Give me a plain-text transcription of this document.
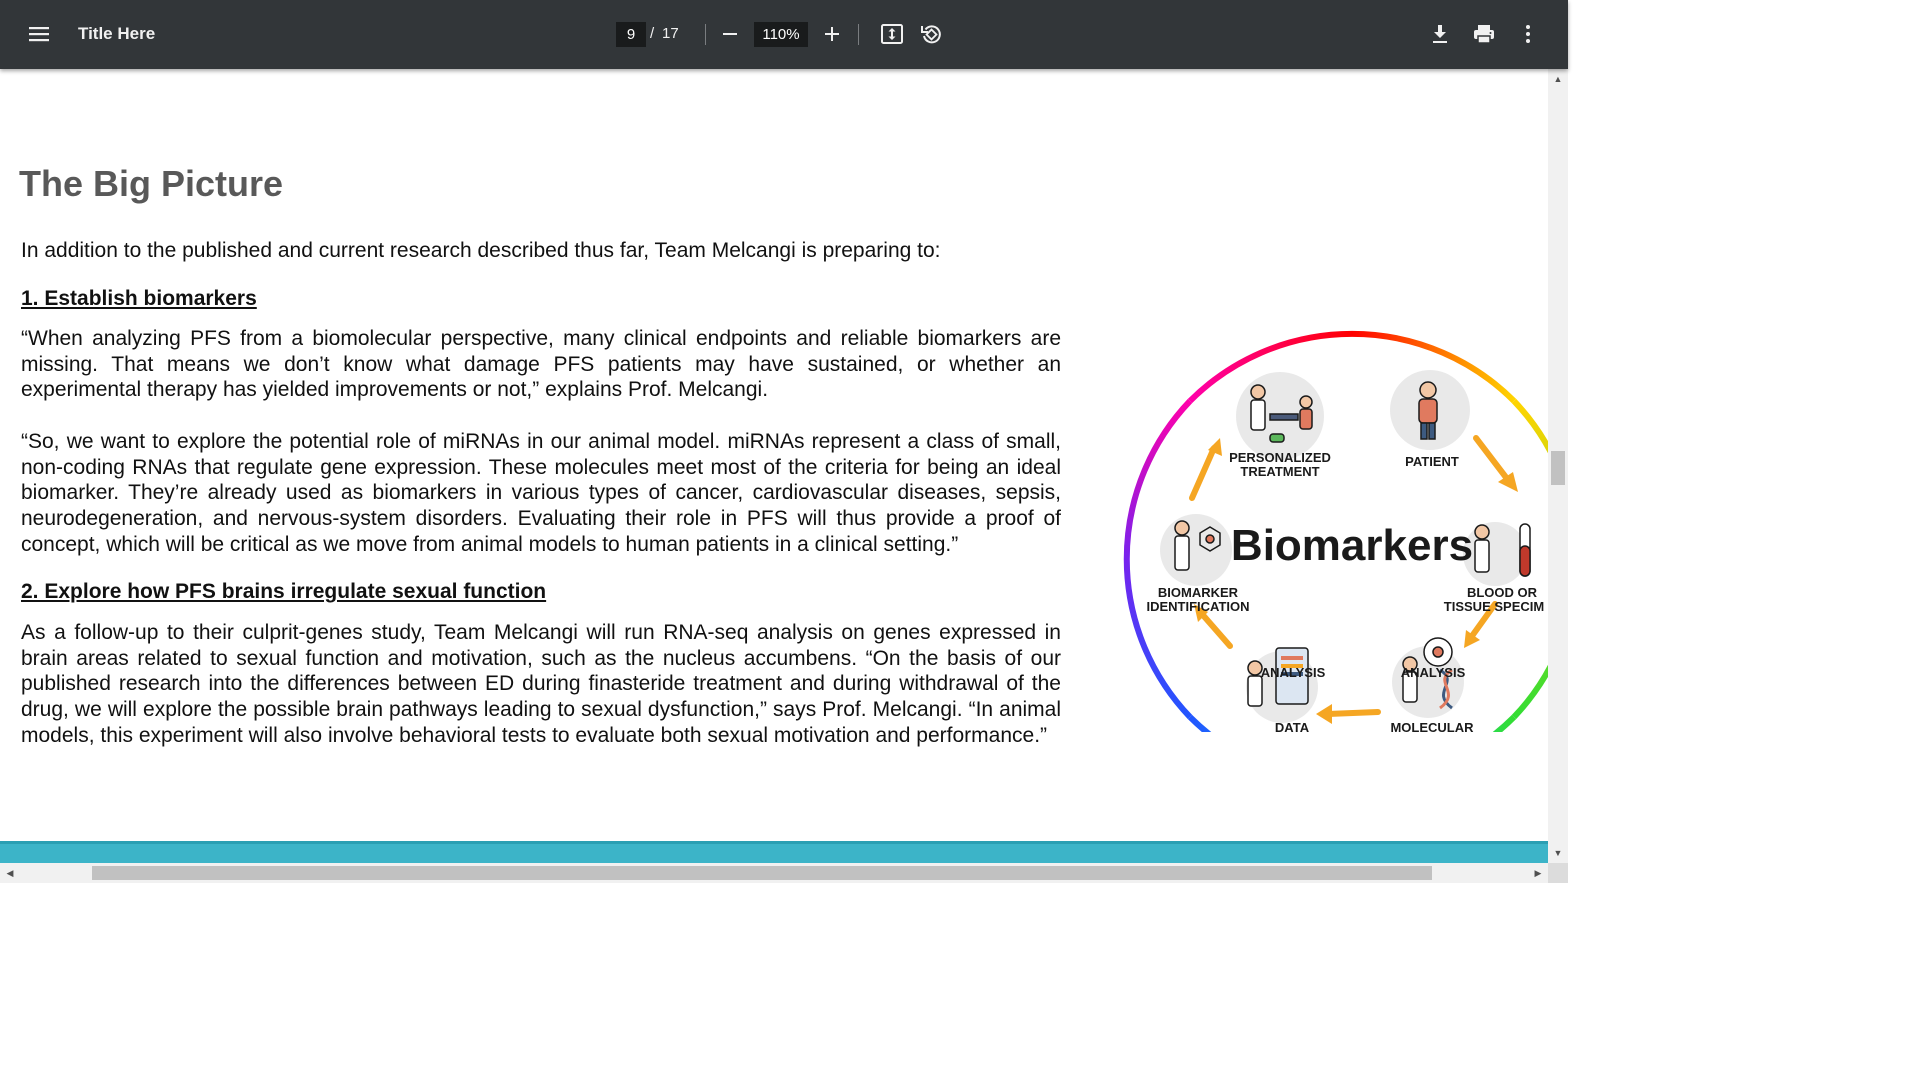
Title Here
9	/ 17
110%
The Big Picture

In addition to the published and current research described thus far, Team Melcangi is preparing to:

1. Establish biomarkers

“When analyzing PFS from a biomolecular perspective, many clinical endpoints and reliable biomarkers are missing. That means we don’t know what damage PFS patients may have sustained, or whether an experimental therapy has yielded improvements or not,” explains Prof. Melcangi.

“So, we want to explore the potential role of miRNAs in our animal model. miRNAs represent a class of small, non-coding RNAs that regulate gene expression. These molecules meet most of the criteria for being an ideal biomarker. They’re already used as biomarkers in various types of cancer, cardiovascular diseases, sepsis, neurodegeneration, and nervous-system disorders. Evaluating their role in PFS will thus provide a proof of concept, which will be critical as we move from animal models to human patients in a clinical setting.”

2. Explore how PFS brains irregulate sexual function

As a follow-up to their culprit-genes study, Team Melcangi will run RNA-seq analysis on genes expressed in brain areas related to sexual function and motivation, such as the nucleus accumbens. “On the basis of our published research into the differences between ED during finasteride treatment and during withdrawal of the drug, we will explore the possible brain pathways leading to sexual dysfunction,” says Prof. Melcangi. “In animal models, this experiment will also involve behavioral tests to evaluate both sexual motivation and performance.”

Biomarkers
PERSONALIZED
TREATMENT
PATIENT
BLOOD OR
TISSUE SPECIM
BIOMARKER
IDENTIFICATION
DATA	MOLECULAR
ANALYSIS	ANALYSIS
▲
▼
◀	▶
